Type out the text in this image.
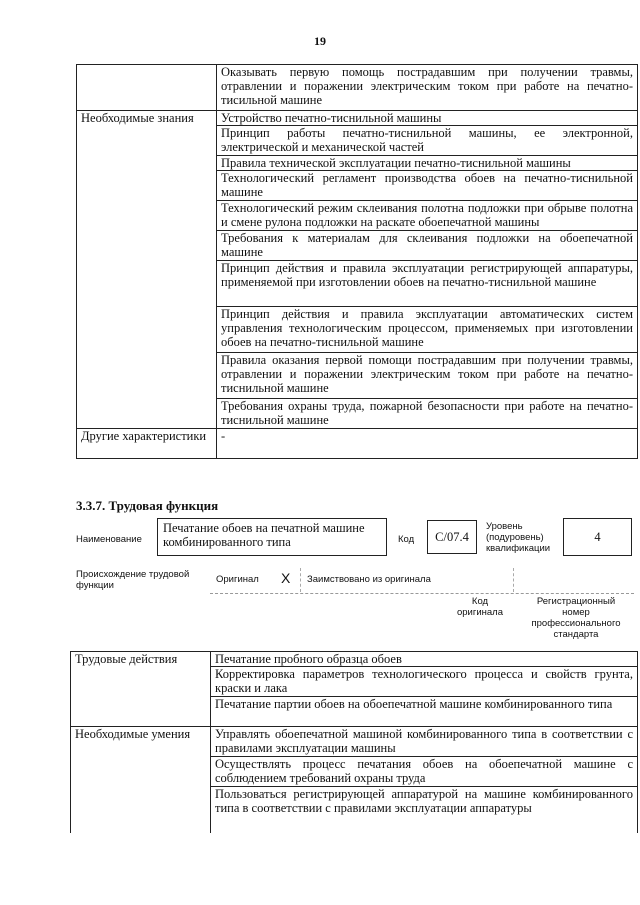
19
	Оказывать первую помощь пострадавшим при получении травмы, отравлении и поражении электрическим током при работе на печатно-тисильной машине
Необходимые знания	Устройство печатно-тиснильной машины
	Принцип работы печатно-тиснильной машины, ее электронной, электрической и механической частей
	Правила технической эксплуатации печатно-тиснильной машины
	Технологический регламент производства обоев на печатно-тиснильной машине
	Технологический режим склеивания полотна подложки при обрыве полотна и смене рулона подложки на раскате обоепечатной машины
	Требования к материалам для склеивания подложки на обоепечатной машине
	Принцип действия и правила эксплуатации регистрирующей аппаратуры, применяемой при изготовлении обоев на печатно-тиснильной машине
	Принцип действия и правила эксплуатации автоматических систем управления технологическим процессом, применяемых при изготовлении обоев на печатно-тиснильной машине
	Правила оказания первой помощи пострадавшим при получении травмы, отравлении и поражении электрическим током при работе на печатно-тиснильной машине
	Требования охраны труда, пожарной безопасности при работе на печатно-тиснильной машине
Другие характеристики	-
3.3.7. Трудовая функция
Наименование
Печатание обоев на печатной машине комбинированного типа	Код	C/07.4
Уровень (подуровень) квалификации
4
Происхождение трудовой функции
Оригинал X Заимствовано из оригинала
Код оригинала
Регистрационный номер профессионального стандарта
Трудовые действия	Печатание пробного образца обоев
	Корректировка параметров технологического процесса и свойств грунта, краски и лака
	Печатание партии обоев на обоепечатной машине комбинированного типа
Необходимые умения	Управлять обоепечатной машиной комбинированного типа в соответствии с правилами эксплуатации машины
	Осуществлять процесс печатания обоев на обоепечатной машине с соблюдением требований охраны труда
	Пользоваться регистрирующей аппаратурой на машине комбинированного типа в соответствии с правилами эксплуатации аппаратуры
